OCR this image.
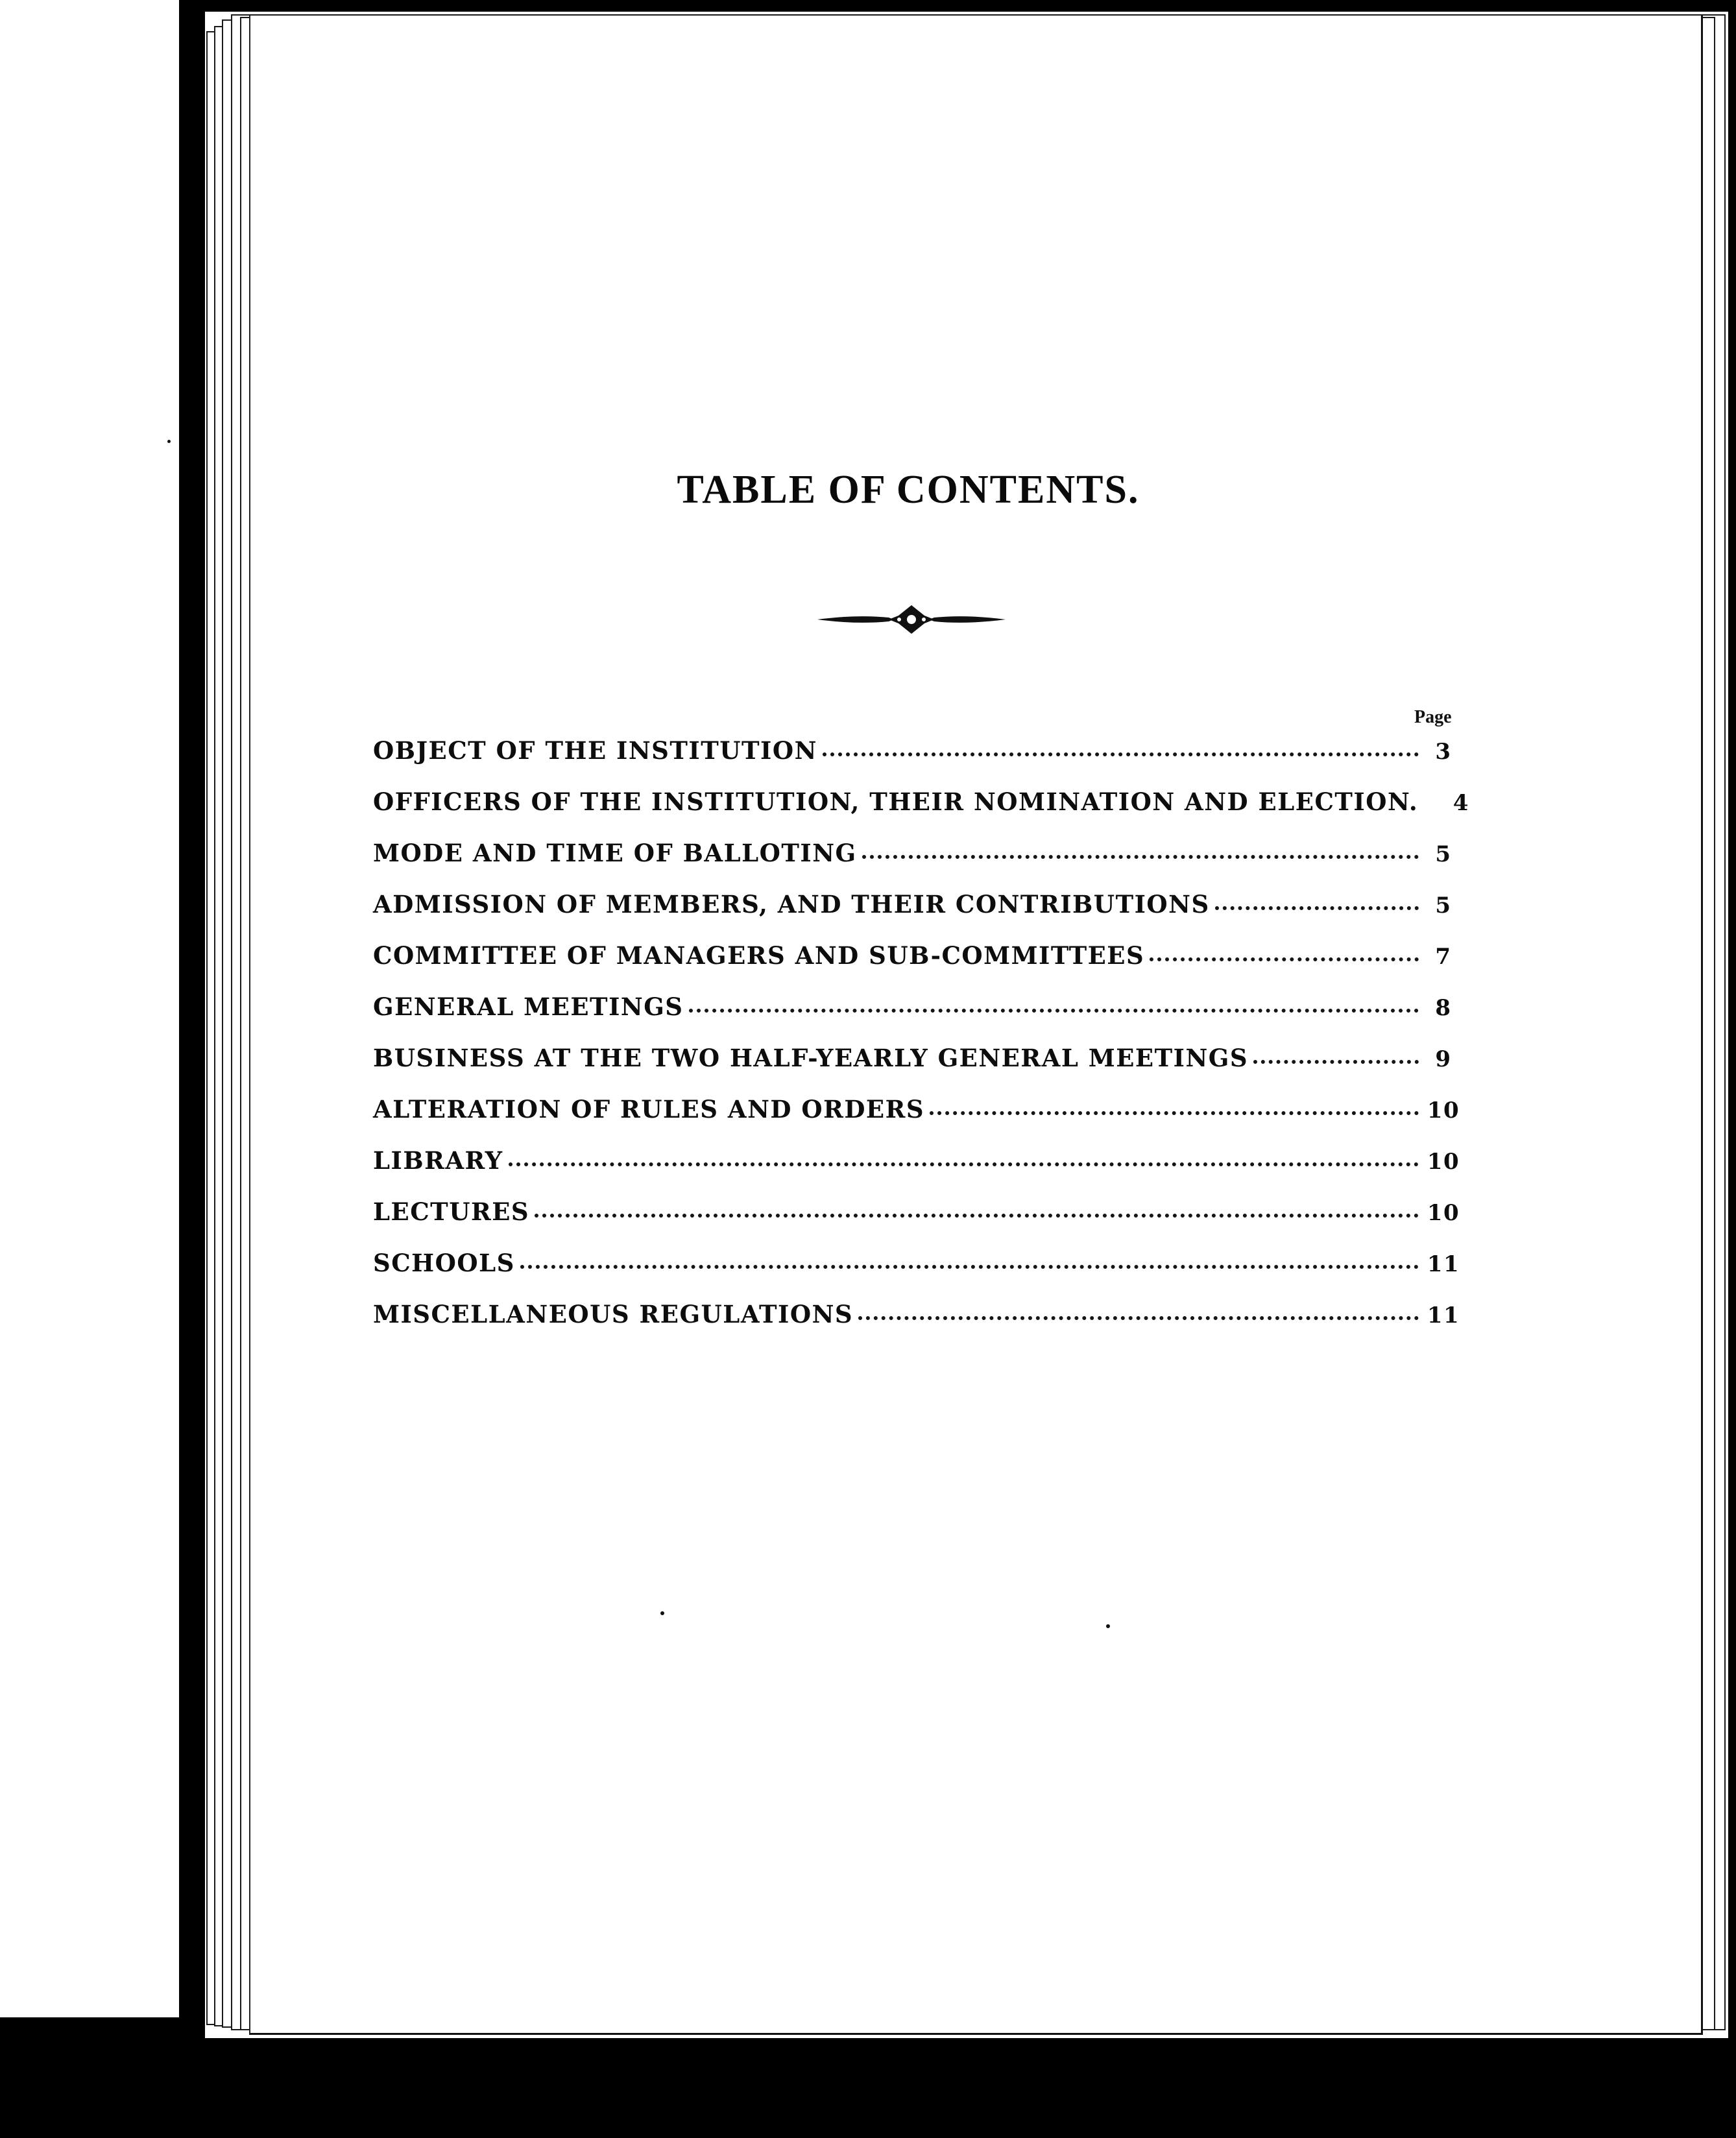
TABLE OF CONTENTS.
Page
OBJECT OF THE INSTITUTION	3
OFFICERS OF THE INSTITUTION, THEIR NOMINATION AND ELECTION.	4
MODE AND TIME OF BALLOTING	5
ADMISSION OF MEMBERS, AND THEIR CONTRIBUTIONS	5
COMMITTEE OF MANAGERS AND SUB-COMMITTEES	7
GENERAL MEETINGS	8
BUSINESS AT THE TWO HALF-YEARLY GENERAL MEETINGS	9
ALTERATION OF RULES AND ORDERS	10
LIBRARY	10
LECTURES	10
SCHOOLS	11
MISCELLANEOUS REGULATIONS	11
